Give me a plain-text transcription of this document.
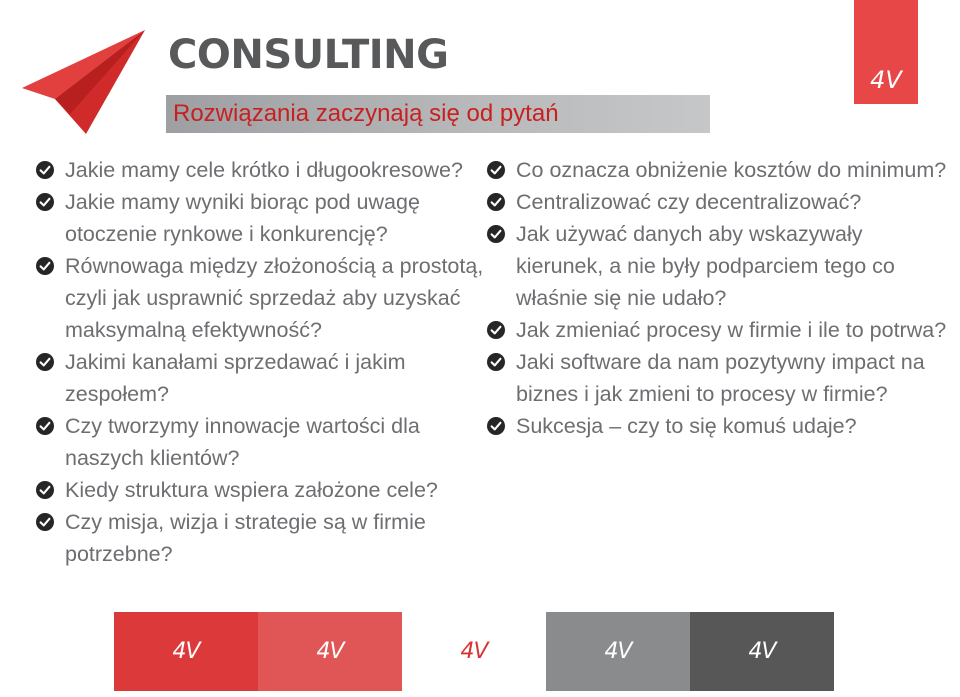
CONSULTING
Rozwiązania zaczynają się od pytań
4V
Jakie mamy cele krótko i długookresowe?
Jakie mamy wyniki biorąc pod uwagę otoczenie rynkowe i konkurencję?
Równowaga między złożonością a prostotą, czyli jak usprawnić sprzedaż aby uzyskać maksymalną efektywność?
Jakimi kanałami sprzedawać i jakim zespołem?
Czy tworzymy innowacje wartości dla naszych klientów?
Kiedy struktura wspiera założone cele?
Czy misja, wizja i strategie są w firmie potrzebne?
Co oznacza obniżenie kosztów do minimum?
Centralizować czy decentralizować?
Jak używać danych aby wskazywały kierunek, a nie były podparciem tego co właśnie się nie udało?
Jak zmieniać procesy w firmie i ile to potrwa?
Jaki software da nam pozytywny impact na biznes i jak zmieni to procesy w firmie?
Sukcesja – czy to się komuś udaje?
4V	4V	4V	4V	4V
